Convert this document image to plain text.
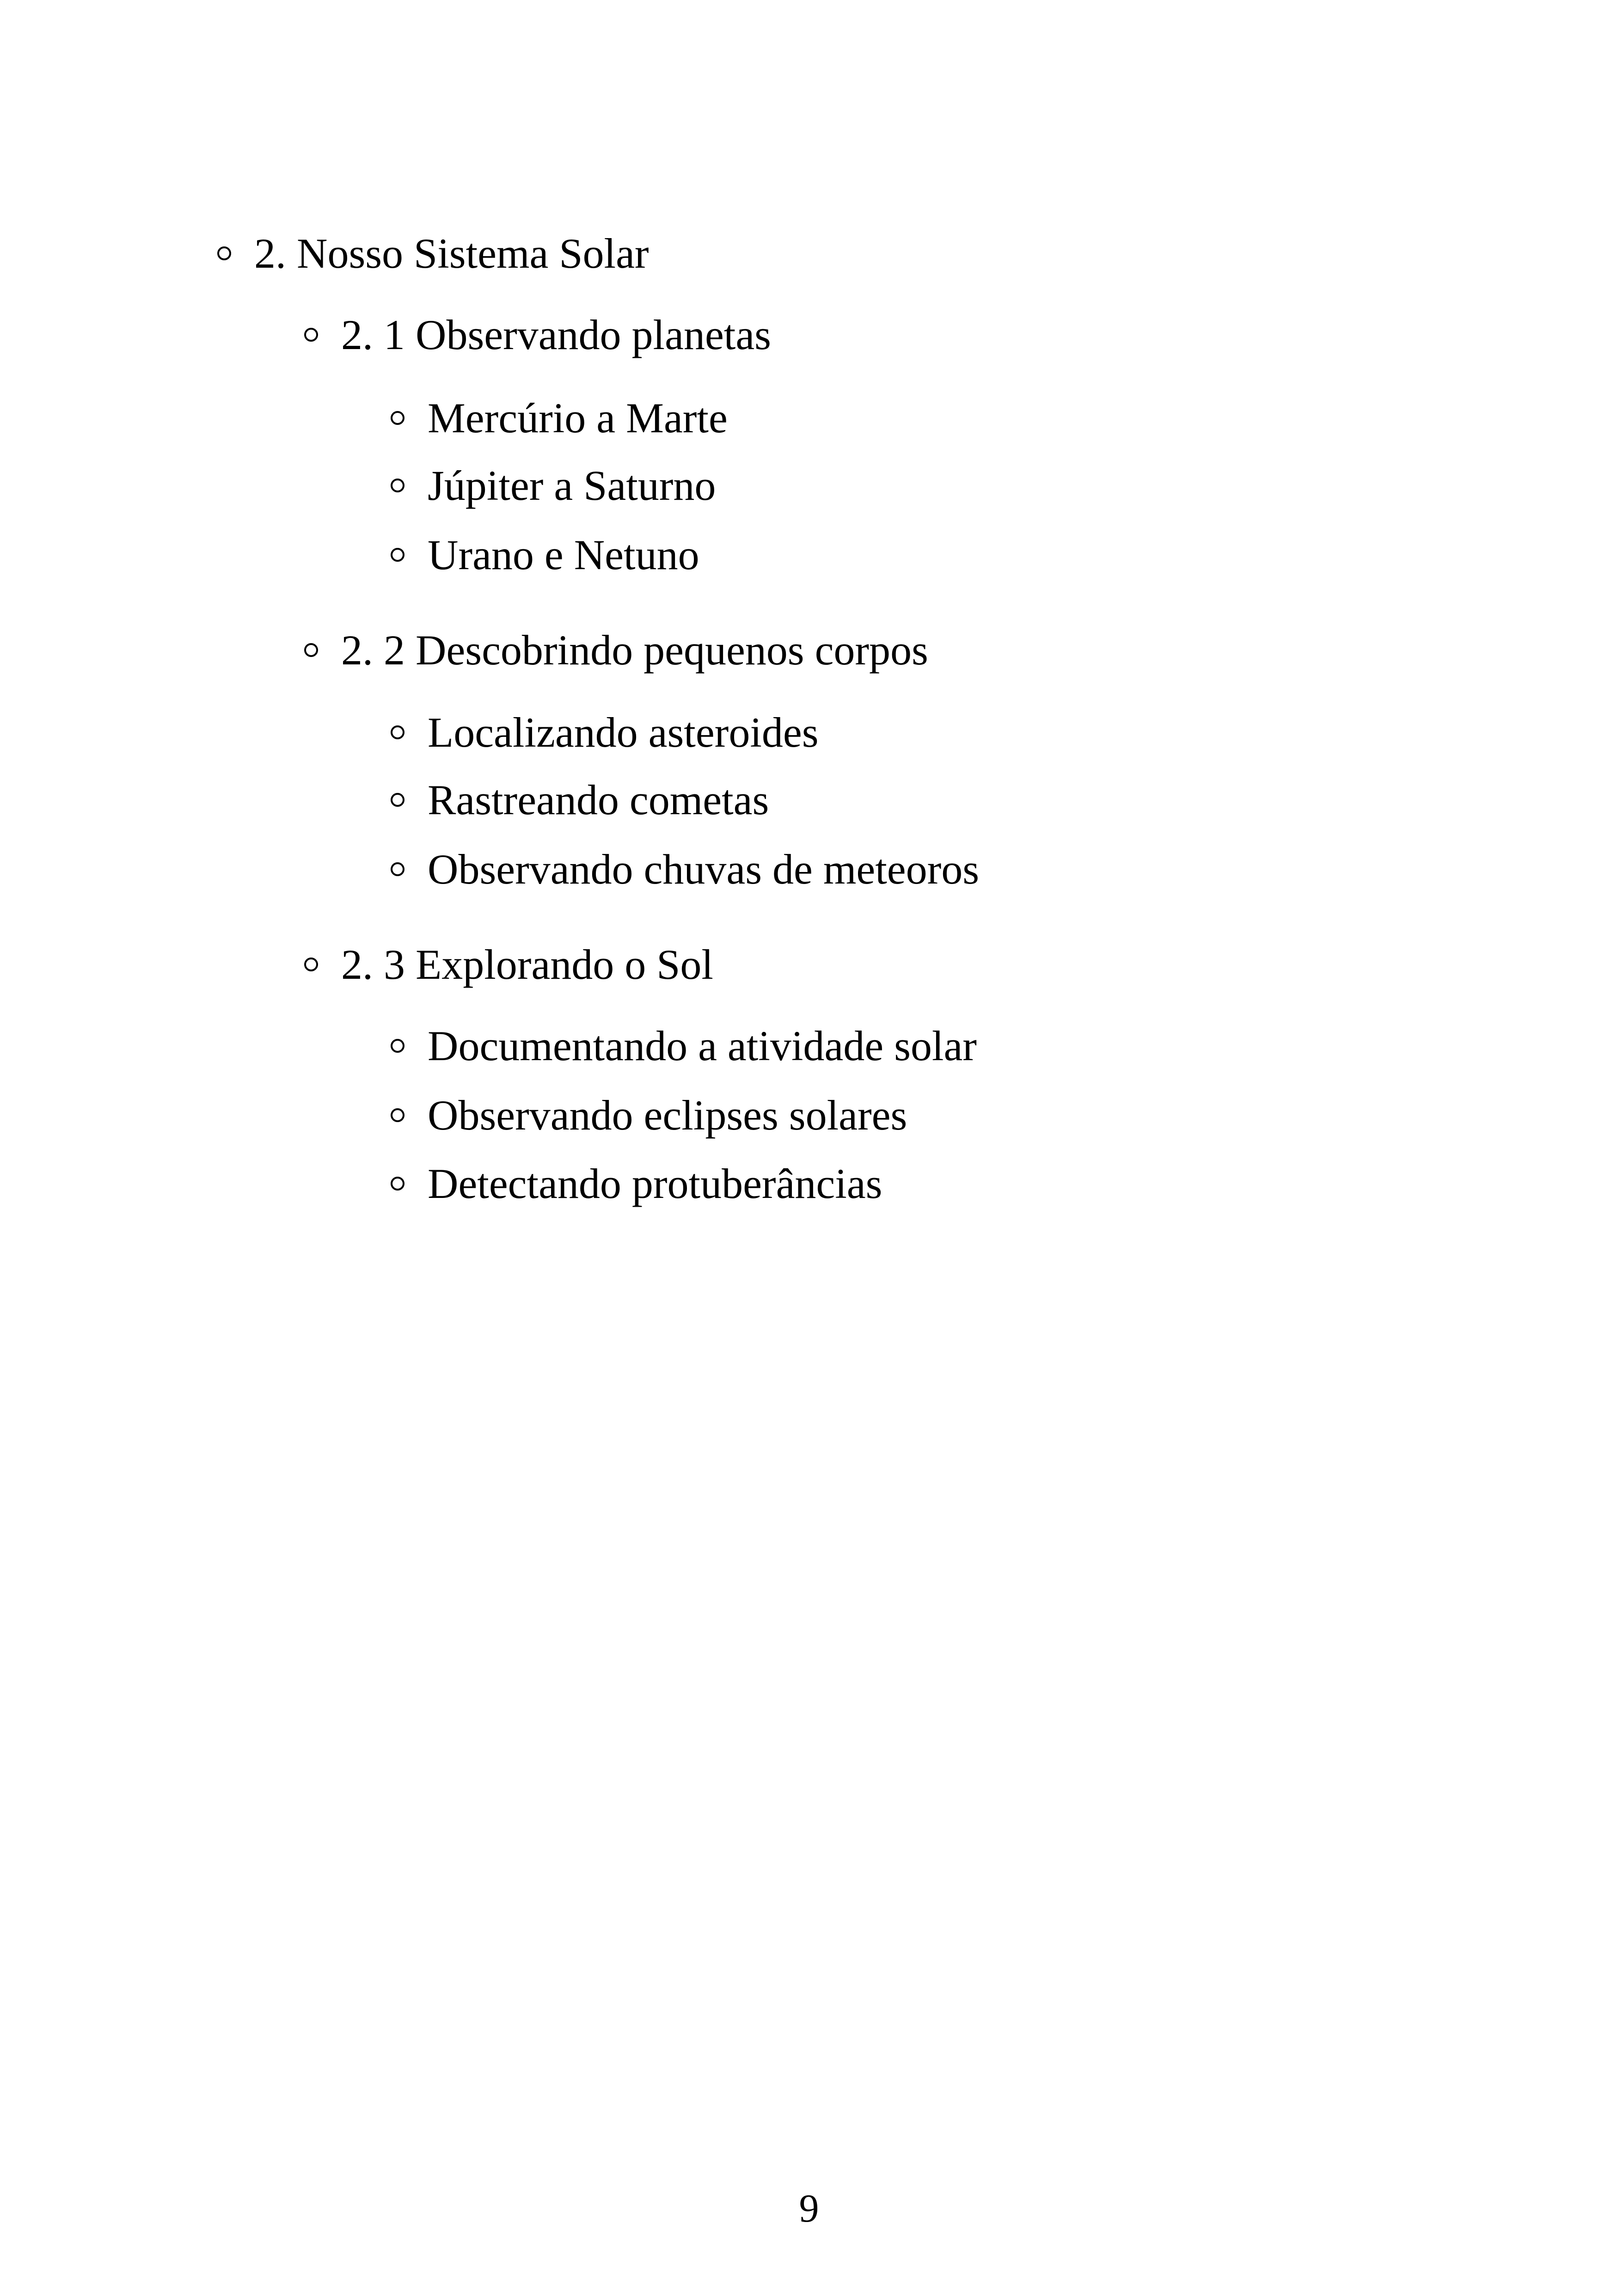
2. Nosso Sistema Solar
2. 1 Observando planetas
Mercúrio a Marte
Júpiter a Saturno
Urano e Netuno
2. 2 Descobrindo pequenos corpos
Localizando asteroides
Rastreando cometas
Observando chuvas de meteoros
2. 3 Explorando o Sol
Documentando a atividade solar
Observando eclipses solares
Detectando protuberâncias
9
